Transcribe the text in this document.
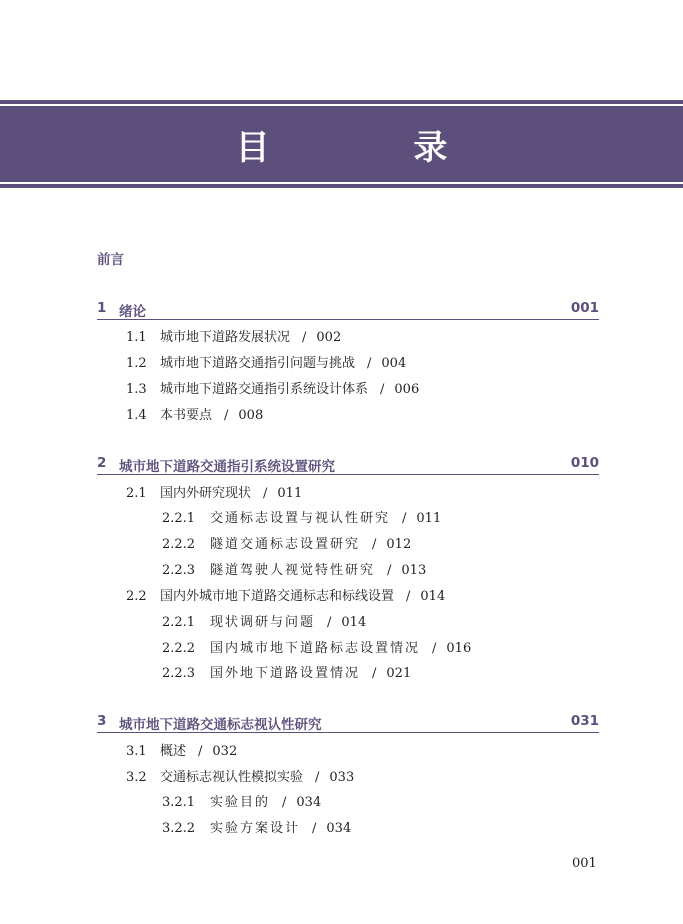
目 录
前言
1 绪论	001
1.1 城市地下道路发展状况 / 002
1.2 城市地下道路交通指引问题与挑战 / 004
1.3 城市地下道路交通指引系统设计体系 / 006
1.4 本书要点 / 008
2 城市地下道路交通指引系统设置研究	010
2.1 国内外研究现状 / 011
2.2.1 交通标志设置与视认性研究 / 011
2.2.2 隧道交通标志设置研究 / 012
2.2.3 隧道驾驶人视觉特性研究 / 013
2.2 国内外城市地下道路交通标志和标线设置 / 014
2.2.1 现状调研与问题 / 014
2.2.2 国内城市地下道路标志设置情况 / 016
2.2.3 国外地下道路设置情况 / 021
3 城市地下道路交通标志视认性研究	031
3.1 概述 / 032
3.2 交通标志视认性模拟实验 / 033
3.2.1 实验目的 / 034
3.2.2 实验方案设计 / 034
001
